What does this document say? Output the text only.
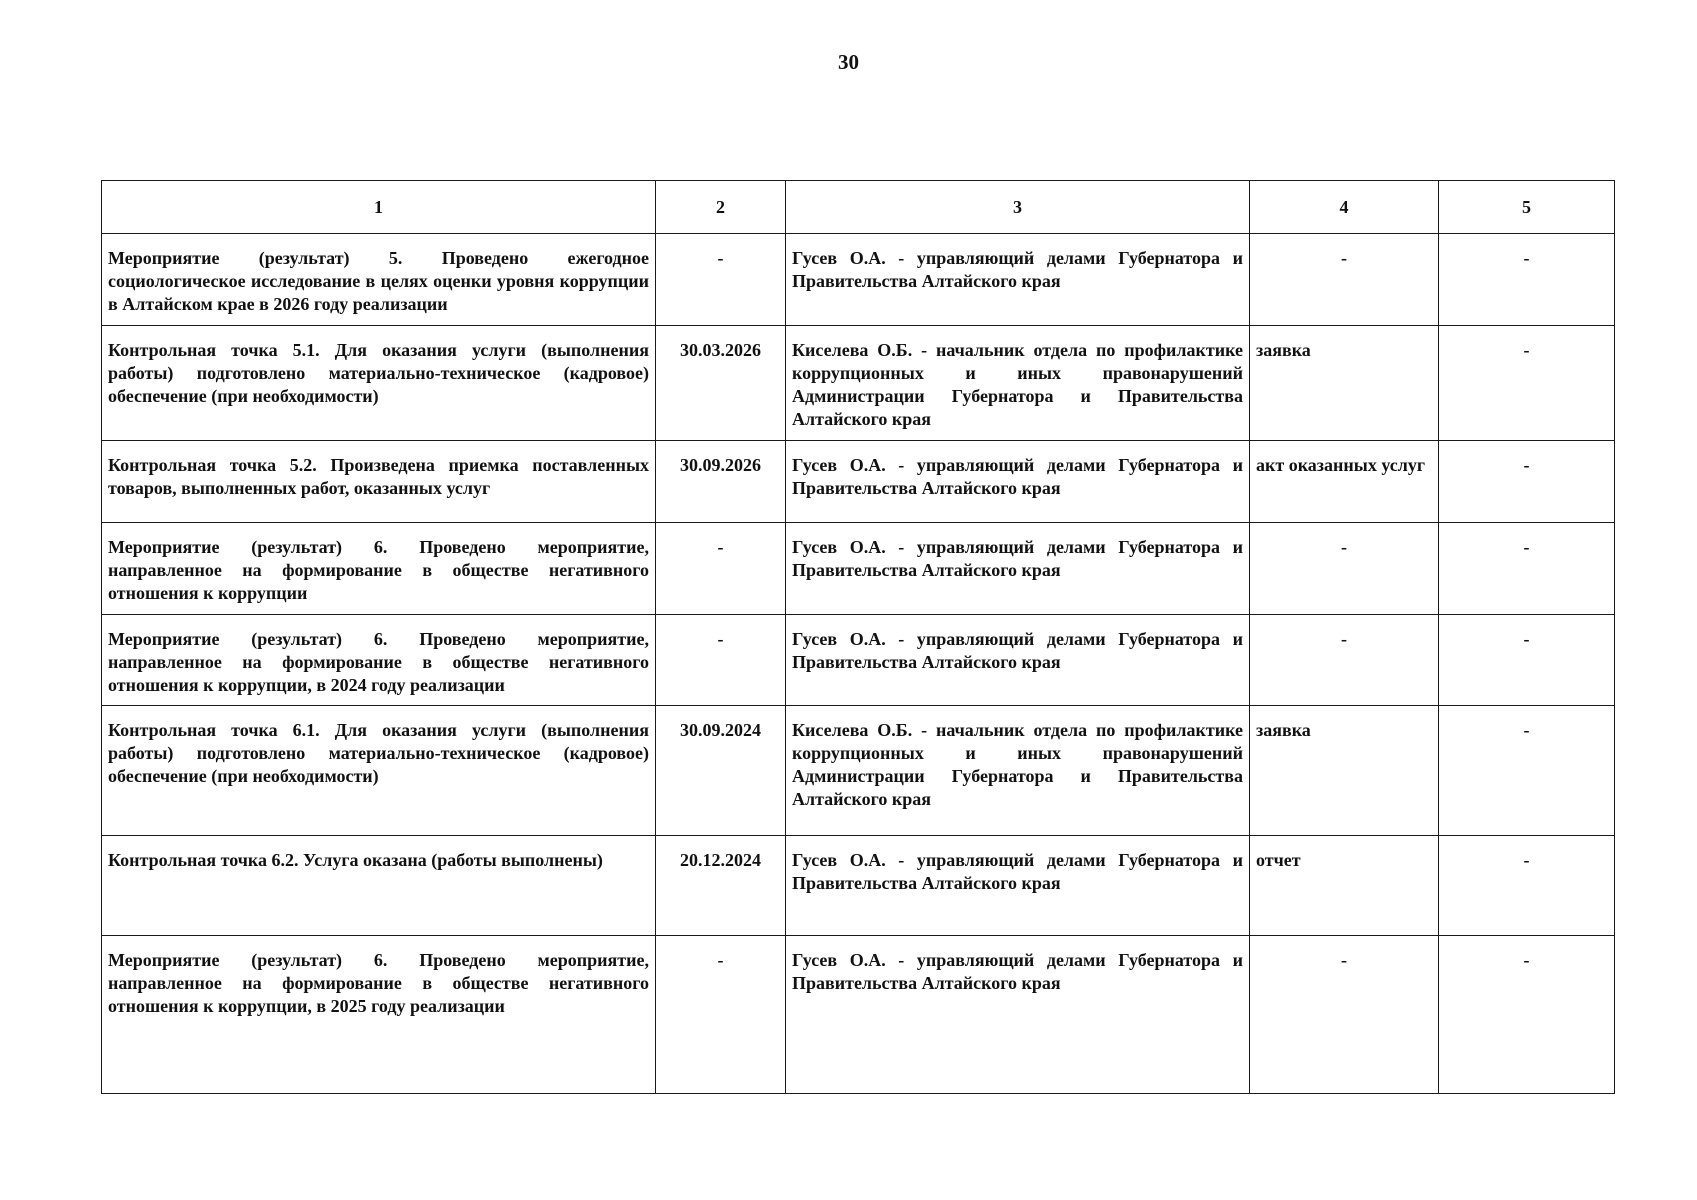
30
1	2	3	4	5
Мероприятие (результат) 5. Проведено ежегодное социологическое исследование в целях оценки уровня коррупции в Алтайском крае в 2026 году реализации	-	Гусев О.А. - управляющий делами Губернатора и Правительства Алтайского края	-	-
Контрольная точка 5.1. Для оказания услуги (выполнения работы) подготовлено материально-техническое (кадровое) обеспечение (при необходимости)	30.03.2026	Киселева О.Б. - начальник отдела по профилактике коррупционных и иных правонарушений Администрации Губернатора и Правительства Алтайского края	заявка	-
Контрольная точка 5.2. Произведена приемка поставленных товаров, выполненных работ, оказанных услуг	30.09.2026	Гусев О.А. - управляющий делами Губернатора и Правительства Алтайского края	акт оказанных услуг	-
Мероприятие (результат) 6. Проведено мероприятие, направленное на формирование в обществе негативного отношения к коррупции	-	Гусев О.А. - управляющий делами Губернатора и Правительства Алтайского края	-	-
Мероприятие (результат) 6. Проведено мероприятие, направленное на формирование в обществе негативного отношения к коррупции, в 2024 году реализации	-	Гусев О.А. - управляющий делами Губернатора и Правительства Алтайского края	-	-
Контрольная точка 6.1. Для оказания услуги (выполнения работы) подготовлено материально-техническое (кадровое) обеспечение (при необходимости)	30.09.2024	Киселева О.Б. - начальник отдела по профилактике коррупционных и иных правонарушений Администрации Губернатора и Правительства Алтайского края	заявка	-
Контрольная точка 6.2. Услуга оказана (работы выполнены)	20.12.2024	Гусев О.А. - управляющий делами Губернатора и Правительства Алтайского края	отчет	-
Мероприятие (результат) 6. Проведено мероприятие, направленное на формирование в обществе негативного отношения к коррупции, в 2025 году реализации	-	Гусев О.А. - управляющий делами Губернатора и Правительства Алтайского края	-	-
